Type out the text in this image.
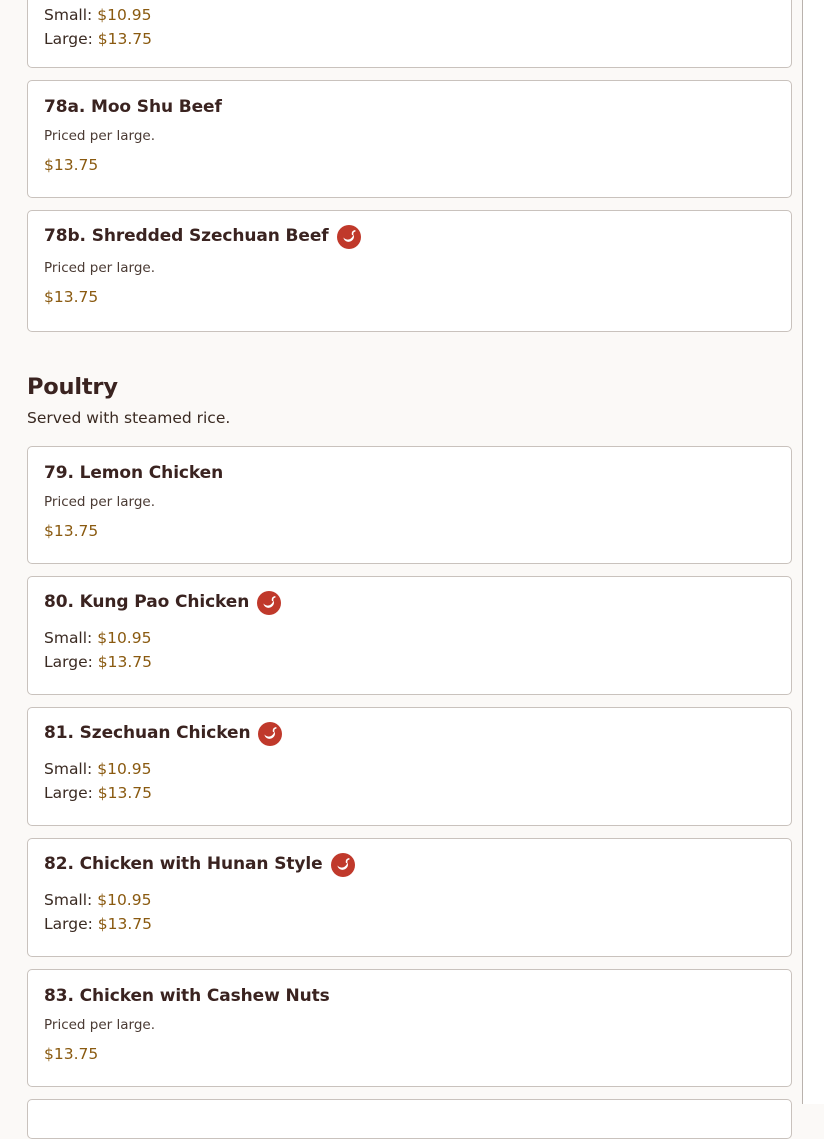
Small: $10.95
Large: $13.75
78a. Moo Shu Beef
Priced per large.
$13.75
78b. Shredded Szechuan Beef
Priced per large.
$13.75
Poultry
Served with steamed rice.
79. Lemon Chicken
Priced per large.
$13.75
80. Kung Pao Chicken
Small: $10.95
Large: $13.75
81. Szechuan Chicken
Small: $10.95
Large: $13.75
82. Chicken with Hunan Style
Small: $10.95
Large: $13.75
83. Chicken with Cashew Nuts
Priced per large.
$13.75
